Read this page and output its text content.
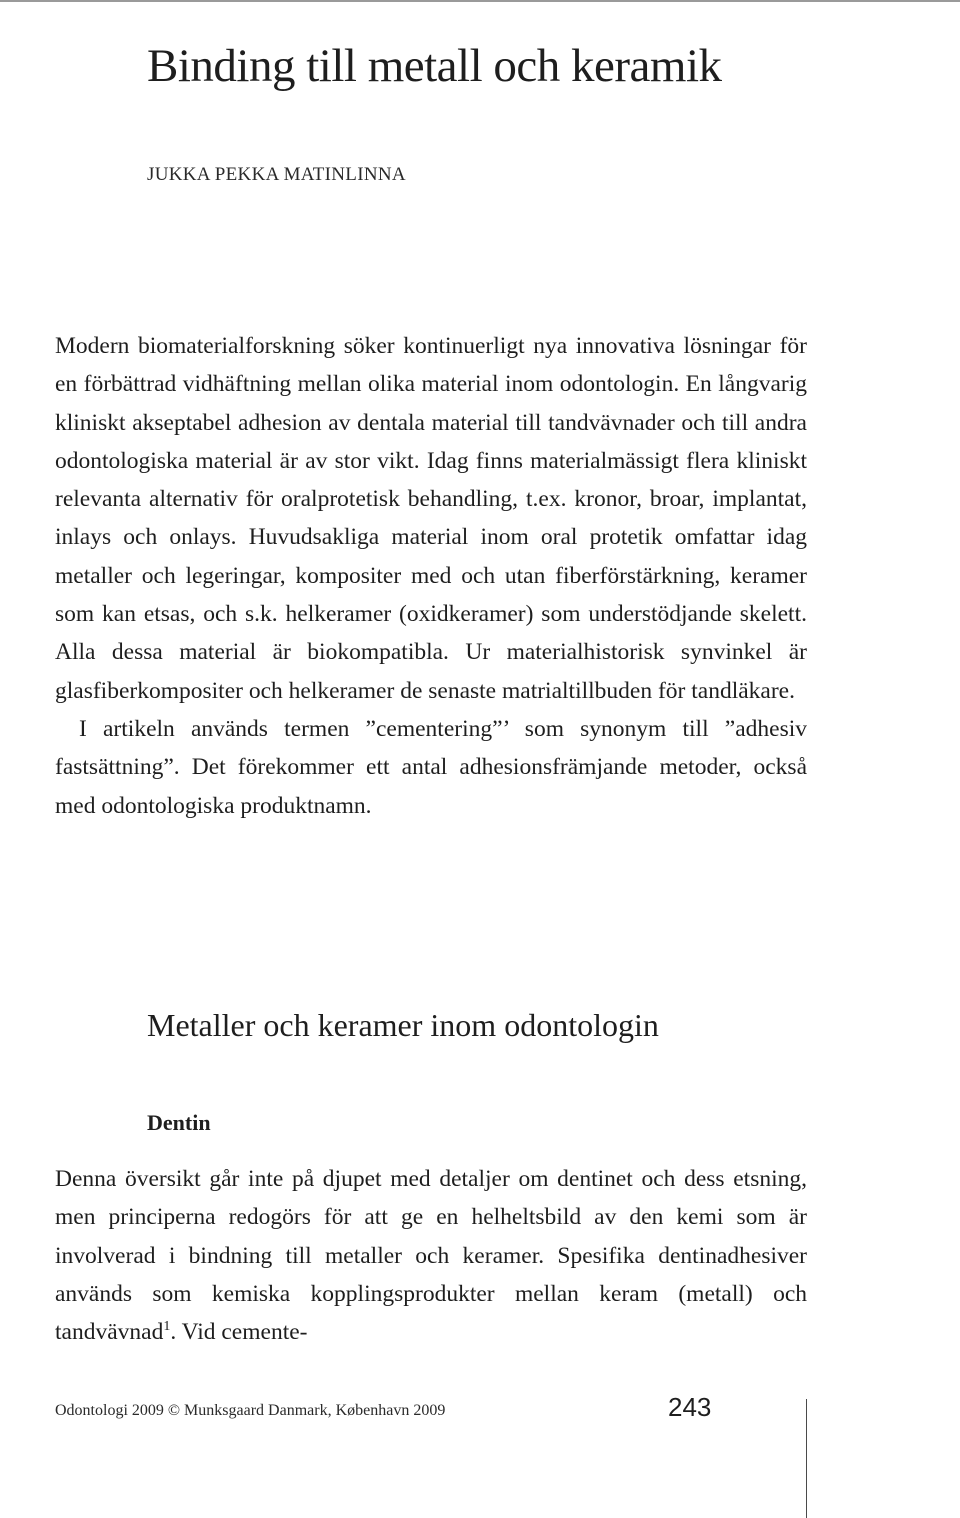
Binding till metall och keramik
JUKKA PEKKA MATINLINNA

Modern biomaterialforskning söker kontinuerligt nya innovativa lösningar för en förbättrad vidhäftning mellan olika material inom odontologin. En långvarig kliniskt akseptabel adhesion av dentala material till tandvävnader och till andra odontologiska material är av stor vikt. Idag finns materialmässigt flera kliniskt relevanta alternativ för oralprotetisk behandling, t.ex. kronor, broar, implantat, inlays och onlays. Huvudsakliga material inom oral protetik omfattar idag metaller och legeringar, kompositer med och utan fiberförstärkning, keramer som kan etsas, och s.k. helkeramer (oxidkeramer) som understödjande skelett. Alla dessa material är biokompatibla. Ur materialhistorisk synvinkel är glasfiberkompositer och helkeramer de senaste matrialtillbuden för tandläkare.

I artikeln används termen ”cementering”’ som synonym till ”adhesiv fastsättning”. Det förekommer ett antal adhesionsfrämjande metoder, också med odontologiska produktnamn.

Metaller och keramer inom odontologin
Dentin

Denna översikt går inte på djupet med detaljer om dentinet och dess etsning, men principerna redogörs för att ge en helheltsbild av den kemi som är involverad i bindning till metaller och keramer. Spesifika dentinadhesiver används som kemiska kopplingsprodukter mellan keram (metall) och tandvävnad$^1$. Vid cemente-

Odontologi 2009 © Munksgaard Danmark, København 2009	243
